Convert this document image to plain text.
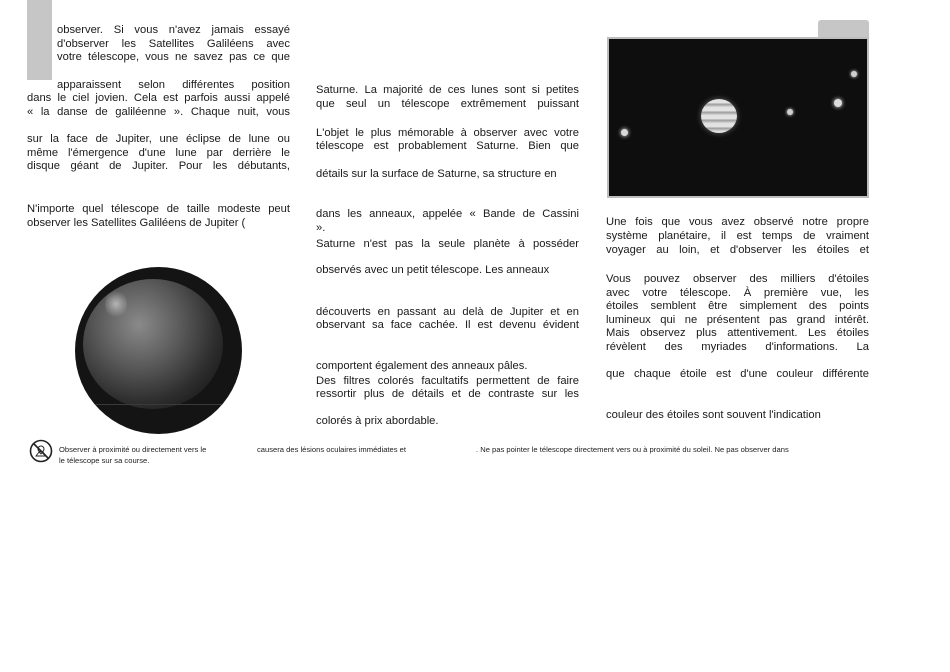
observer. Si vous n'avez jamais essayé
d'observer les Satellites Galiléens avec
votre télescope, vous ne savez pas ce que
apparaissent selon différentes position
dans le ciel jovien. Cela est parfois aussi appelé
« la danse de galiléenne ». Chaque nuit, vous
sur la face de Jupiter, une éclipse de lune ou
même l'émergence d'une lune par derrière le
disque géant de Jupiter. Pour les débutants,
N'importe quel télescope de taille modeste peut
observer les Satellites Galiléens de Jupiter (
Saturne. La majorité de ces lunes sont si petites
que seul un télescope extrêmement puissant
L'objet le plus mémorable à observer avec votre
télescope est probablement Saturne. Bien que
détails sur la surface de Saturne, sa structure en
dans les anneaux, appelée « Bande de Cassini
».
Saturne n'est pas la seule planète à posséder
observés avec un petit télescope. Les anneaux
découverts en passant au delà de Jupiter et en
observant sa face cachée. Il est devenu évident
comportent également des anneaux pâles.
Des filtres colorés facultatifs permettent de faire
ressortir plus de détails et de contraste sur les
colorés à prix abordable.
Une fois que vous avez observé notre propre
système planétaire, il est temps de vraiment
voyager au loin, et d'observer les étoiles et
Vous pouvez observer des milliers d'étoiles
avec votre télescope. À première vue, les
étoiles semblent être simplement des points
lumineux qui ne présentent pas grand intérêt.
Mais observez plus attentivement. Les étoiles
révèlent des myriades d'informations. La
que chaque étoile est d'une couleur différente
couleur des étoiles sont souvent l'indication
Observer à proximité ou directement vers le	causera des lésions oculaires immédiates et	. Ne pas pointer le télescope directement vers ou à proximité du soleil. Ne pas observer dans
le télescope sur sa course.
